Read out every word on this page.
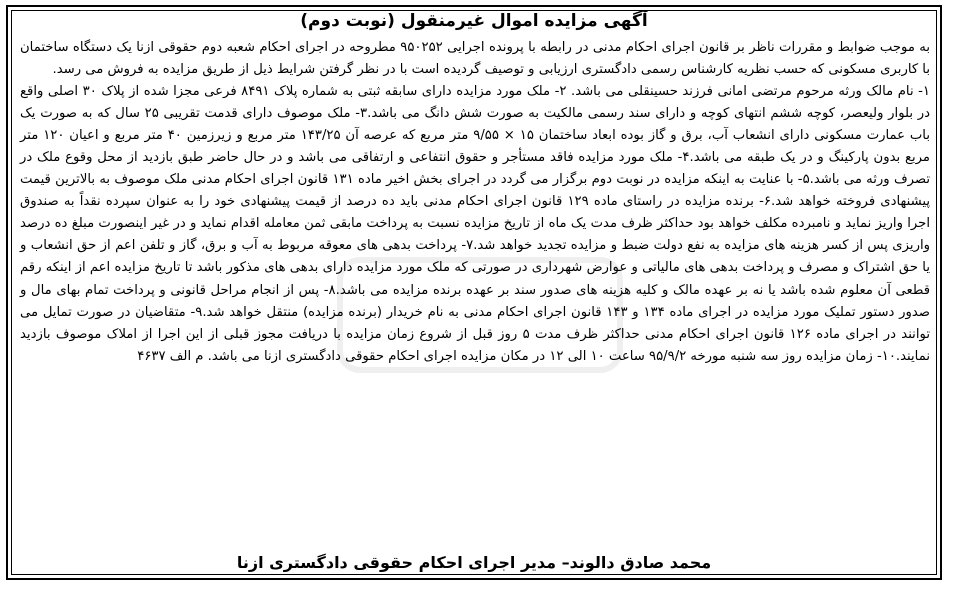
آگهی مزایده اموال غیرمنقول (نوبت دوم)

به موجب ضوابط و مقررات ناظر بر قانون اجرای احکام مدنی در رابطه با پرونده اجرایی ۹۵۰۲۵۲ مطروحه در اجرای احکام شعبه دوم حقوقی ازنا یک دستگاه ساختمان با کاربری مسکونی که حسب نظریه کارشناس رسمی دادگستری ارزیابی و توصیف گردیده است با در نظر گرفتن شرایط ذیل از طریق مزایده به فروش می رسد.

۱- نام مالک ورثه مرحوم مرتضی امانی فرزند حسینقلی می باشد. ۲- ملک مورد مزایده دارای سابقه ثبتی به شماره پلاک ۸۴۹۱ فرعی مجزا شده از پلاک ۳۰ اصلی واقع در بلوار ولیعصر، کوچه ششم انتهای کوچه و دارای سند رسمی مالکیت به صورت شش دانگ می باشد.۳- ملک موصوف دارای قدمت تقریبی ۲۵ سال که به صورت یک باب عمارت مسکونی دارای انشعاب آب، برق و گاز بوده ابعاد ساختمان ۱۵ × ۹/۵۵ متر مربع که عرصه آن ۱۴۳/۲۵ متر مربع و زیرزمین ۴۰ متر مربع و اعیان ۱۲۰ متر مربع بدون پارکینگ و در یک طبقه می باشد.۴- ملک مورد مزایده فاقد مستأجر و حقوق انتفاعی و ارتفاقی می باشد و در حال حاضر طبق بازدید از محل وقوع ملک در تصرف ورثه می باشد.۵- با عنایت به اینکه مزایده در نوبت دوم برگزار می گردد در اجرای بخش اخیر ماده ۱۳۱ قانون اجرای احکام مدنی ملک موصوف به بالاترین قیمت پیشنهادی فروخته خواهد شد.۶- برنده مزایده در راستای ماده ۱۲۹ قانون اجرای احکام مدنی باید ده درصد از قیمت پیشنهادی خود را به عنوان سپرده نقداً به صندوق اجرا واریز نماید و نامبرده مکلف خواهد بود حداکثر ظرف مدت یک ماه از تاریخ مزایده نسبت به پرداخت مابقی ثمن معامله اقدام نماید و در غیر اینصورت مبلغ ده درصد واریزی پس از کسر هزینه های مزایده به نفع دولت ضبط و مزایده تجدید خواهد شد.۷- پرداخت بدهی های معوقه مربوط به آب و برق، گاز و تلفن اعم از حق انشعاب و یا حق اشتراک و مصرف و پرداخت بدهی های مالیاتی و عوارض شهرداری در صورتی که ملک مورد مزایده دارای بدهی های مذکور باشد تا تاریخ مزایده اعم از اینکه رقم قطعی آن معلوم شده باشد یا نه بر عهده مالک و کلیه هزینه های صدور سند بر عهده برنده مزایده می باشد.۸- پس از انجام مراحل قانونی و پرداخت تمام بهای مال و صدور دستور تملیک مورد مزایده در اجرای ماده ۱۳۴ و ۱۴۳ قانون اجرای احکام مدنی به نام خریدار (برنده مزایده) منتقل خواهد شد.۹- متقاضیان در صورت تمایل می توانند در اجرای ماده ۱۲۶ قانون اجرای احکام مدنی حداکثر ظرف مدت ۵ روز قبل از شروع زمان مزایده با دریافت مجوز قبلی از این اجرا از املاک موصوف بازدید نمایند.۱۰- زمان مزایده روز سه شنبه مورخه ۹۵/۹/۲ ساعت ۱۰ الی ۱۲ در مکان مزایده اجرای احکام حقوقی دادگستری ازنا می باشد. م الف ۴۶۳۷

محمد صادق دالوند– مدیر اجرای احکام حقوقی دادگستری ازنا
